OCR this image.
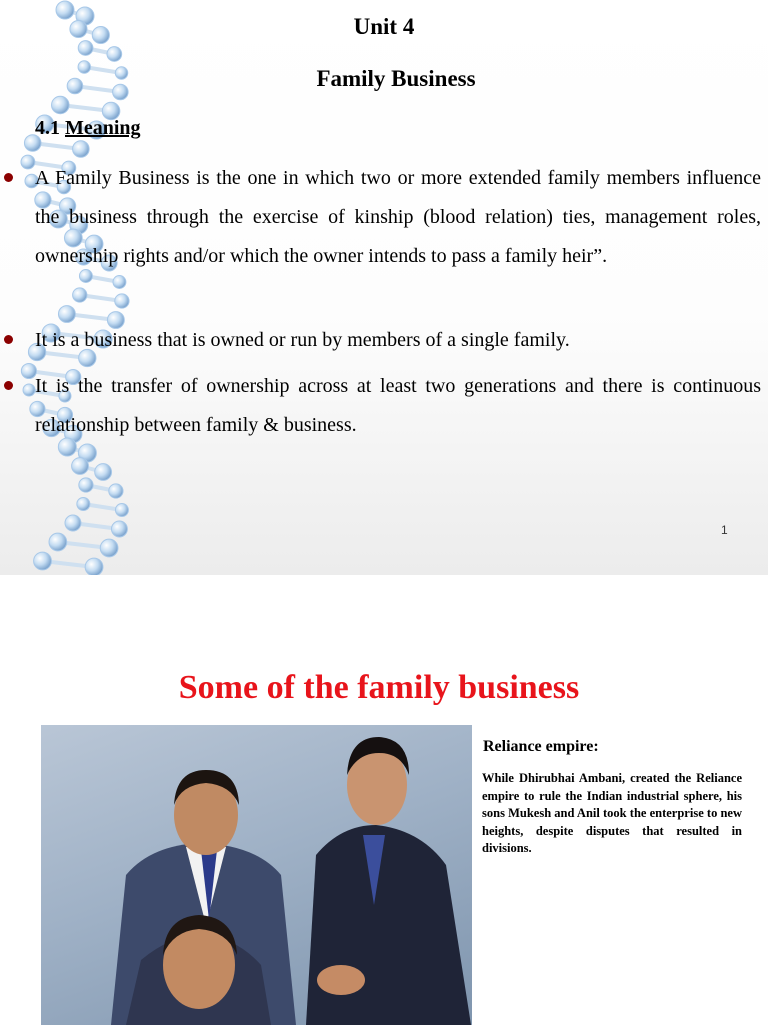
Unit 4
Family Business
4.1 Meaning
A Family Business is the one in which two or more extended family members influence the business through the exercise of kinship (blood relation) ties, management roles, ownership rights and/or which the owner intends to pass a family heir”.
It is a business that is owned or run by members of a single family.
It is the transfer of ownership across at least two generations and there is continuous relationship between family & business.
1
Some of the family business
Reliance empire:
While Dhirubhai Ambani, created the Reliance empire to rule the Indian industrial sphere, his sons Mukesh and Anil took the enterprise to new heights, despite disputes that resulted in divisions.
